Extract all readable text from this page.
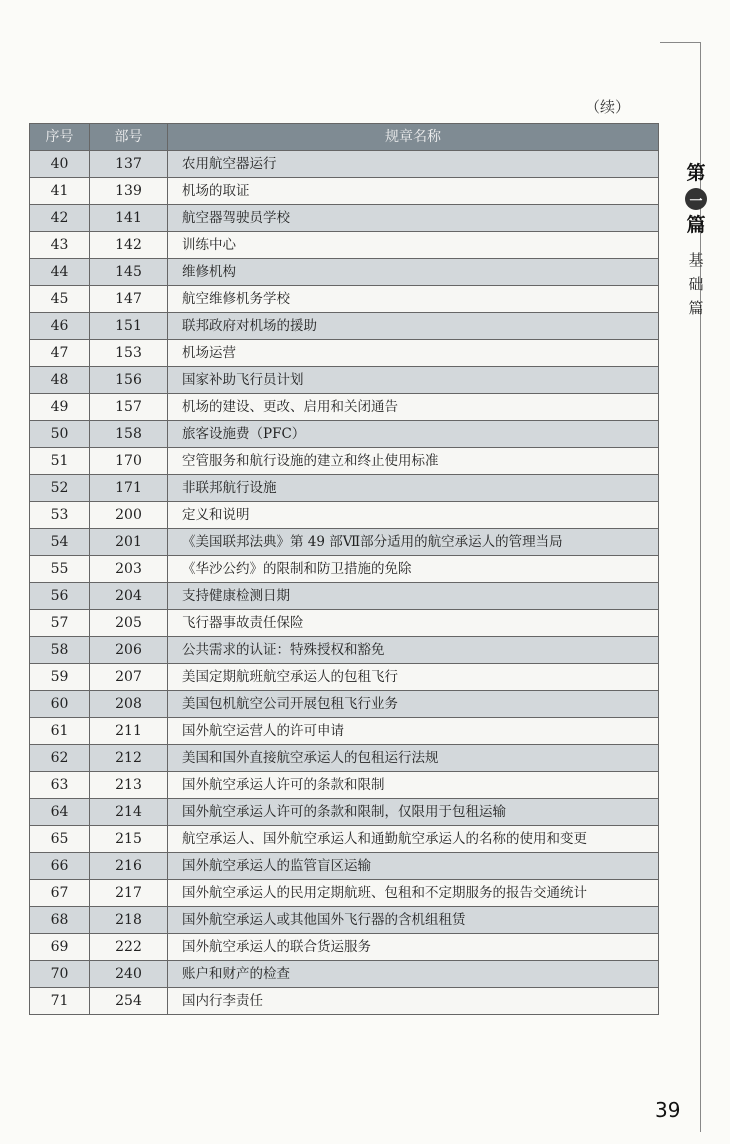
第
一
篇
基
础
篇
（续）
序号	部号	规章名称
40	137	农用航空器运行
41	139	机场的取证
42	141	航空器驾驶员学校
43	142	训练中心
44	145	维修机构
45	147	航空维修机务学校
46	151	联邦政府对机场的援助
47	153	机场运营
48	156	国家补助飞行员计划
49	157	机场的建设、更改、启用和关闭通告
50	158	旅客设施费（PFC）
51	170	空管服务和航行设施的建立和终止使用标准
52	171	非联邦航行设施
53	200	定义和说明
54	201	《美国联邦法典》第 49 部Ⅶ部分适用的航空承运人的管理当局
55	203	《华沙公约》的限制和防卫措施的免除
56	204	支持健康检测日期
57	205	飞行器事故责任保险
58	206	公共需求的认证：特殊授权和豁免
59	207	美国定期航班航空承运人的包租飞行
60	208	美国包机航空公司开展包租飞行业务
61	211	国外航空运营人的许可申请
62	212	美国和国外直接航空承运人的包租运行法规
63	213	国外航空承运人许可的条款和限制
64	214	国外航空承运人许可的条款和限制，仅限用于包租运输
65	215	航空承运人、国外航空承运人和通勤航空承运人的名称的使用和变更
66	216	国外航空承运人的监管盲区运输
67	217	国外航空承运人的民用定期航班、包租和不定期服务的报告交通统计
68	218	国外航空承运人或其他国外飞行器的含机组租赁
69	222	国外航空承运人的联合货运服务
70	240	账户和财产的检查
71	254	国内行李责任
39
